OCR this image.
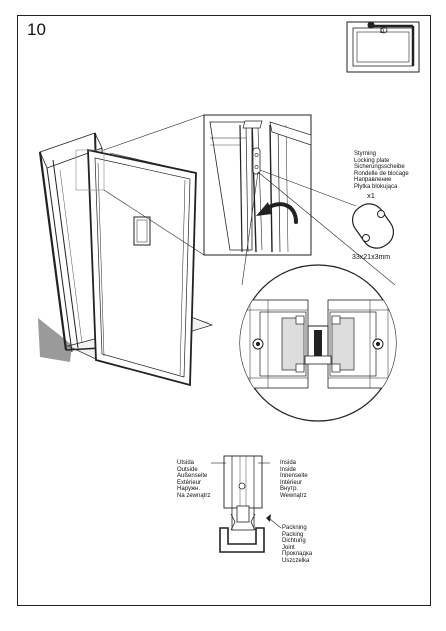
10	D
Styrning
Locking plate
Sicherungsscheibe
Rondelle de blocage
Направление
Płytka blokująca
x1
33x21x3mm
Utsida
Outside
Außenseite
Extérieur
Наружн.
Na zewnątrz
Insida
Inside
Innenseite
Intérieur
Внутр.
Wewnątrz
Packning
Packing
Dichtung
Joint
Прокладка
Uszczelka
